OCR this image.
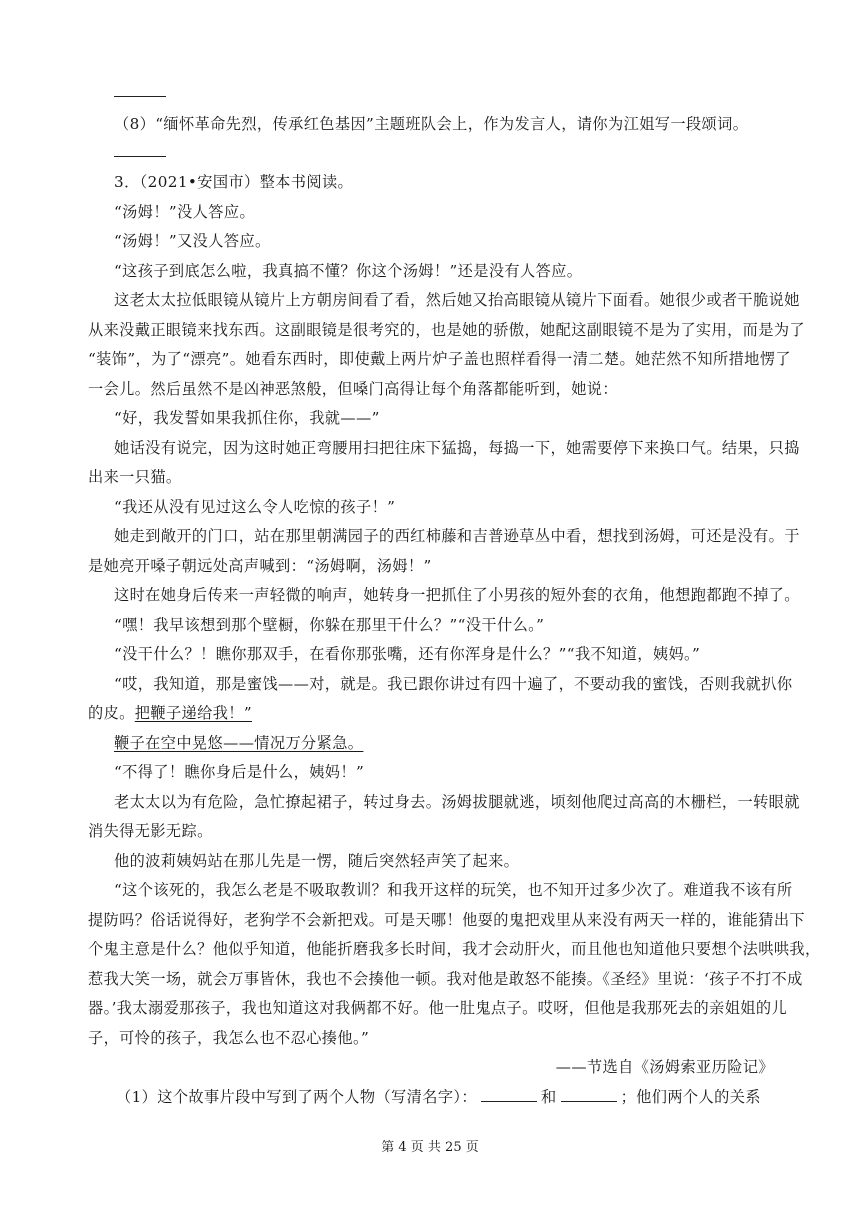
（8）“缅怀革命先烈，传承红色基因”主题班队会上，作为发言人，请你为江姐写一段颂词。
3．（2021•安国市）整本书阅读。
“汤姆！”没人答应。
“汤姆！”又没人答应。
“这孩子到底怎么啦，我真搞不懂？你这个汤姆！”还是没有人答应。
这老太太拉低眼镜从镜片上方朝房间看了看，然后她又抬高眼镜从镜片下面看。她很少或者干脆说她
从来没戴正眼镜来找东西。这副眼镜是很考究的，也是她的骄傲，她配这副眼镜不是为了实用，而是为了
“装饰”，为了“漂亮”。她看东西时，即使戴上两片炉子盖也照样看得一清二楚。她茫然不知所措地愣了
一会儿。然后虽然不是凶神恶煞般，但嗓门高得让每个角落都能听到，她说：
“好，我发誓如果我抓住你，我就——”
她话没有说完，因为这时她正弯腰用扫把往床下猛捣，每捣一下，她需要停下来换口气。结果，只捣
出来一只猫。
“我还从没有见过这么令人吃惊的孩子！”
她走到敞开的门口，站在那里朝满园子的西红柿藤和吉普逊草丛中看，想找到汤姆，可还是没有。于
是她亮开嗓子朝远处高声喊到：“汤姆啊，汤姆！”
这时在她身后传来一声轻微的响声，她转身一把抓住了小男孩的短外套的衣角，他想跑都跑不掉了。
“嘿！我早该想到那个壁橱，你躲在那里干什么？”“没干什么。”
“没干什么？！瞧你那双手，在看你那张嘴，还有你浑身是什么？”“我不知道，姨妈。”
“哎，我知道，那是蜜饯——对，就是。我已跟你讲过有四十遍了，不要动我的蜜饯，否则我就扒你
的皮。把鞭子递给我！”
鞭子在空中晃悠——情况万分紧急。
“不得了！瞧你身后是什么，姨妈！”
老太太以为有危险，急忙撩起裙子，转过身去。汤姆拔腿就逃，顷刻他爬过高高的木栅栏，一转眼就
消失得无影无踪。
他的波莉姨妈站在那儿先是一愣，随后突然轻声笑了起来。
“这个该死的，我怎么老是不吸取教训？和我开这样的玩笑，也不知开过多少次了。难道我不该有所
提防吗？俗话说得好，老狗学不会新把戏。可是天哪！他耍的鬼把戏里从来没有两天一样的，谁能猜出下
个鬼主意是什么？他似乎知道，他能折磨我多长时间，我才会动肝火，而且他也知道他只要想个法哄哄我，
惹我大笑一场，就会万事皆休，我也不会揍他一顿。我对他是敢怒不能揍。《圣经》里说：‘孩子不打不成
器。’我太溺爱那孩子，我也知道这对我俩都不好。他一肚鬼点子。哎呀，但他是我那死去的亲姐姐的儿
子，可怜的孩子，我怎么也不忍心揍他。”
——节选自《汤姆索亚历险记》
（1）这个故事片段中写到了两个人物（写清名字）：	和	；他们两个人的关系
第 4 页 共 25 页
